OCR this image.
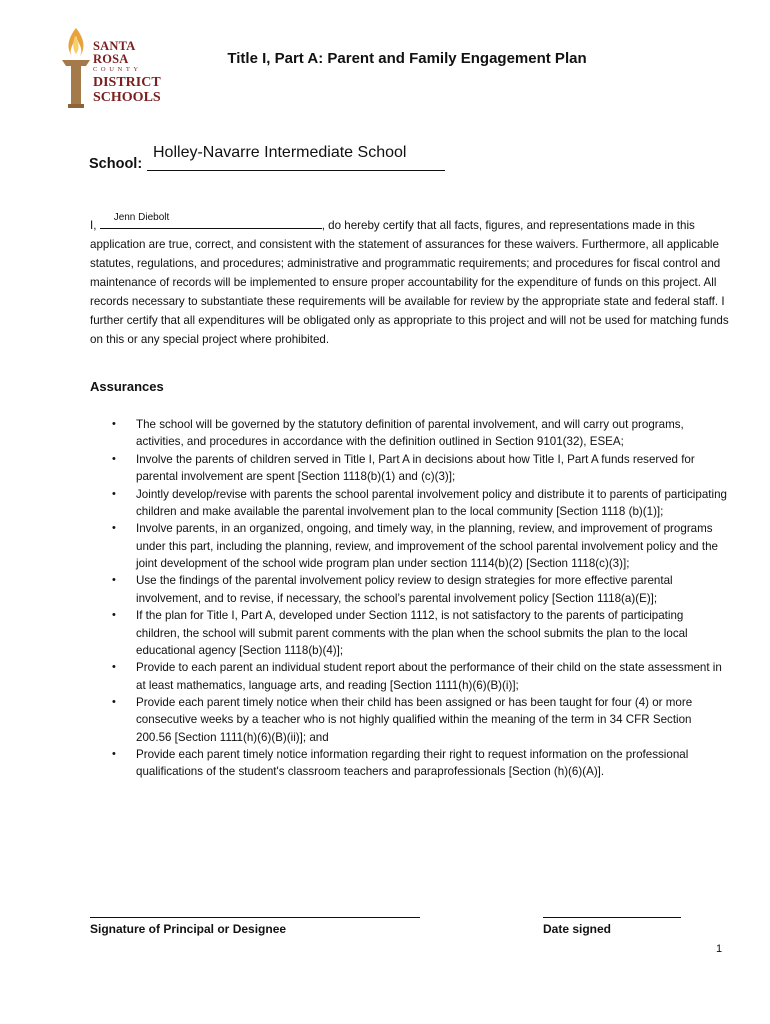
SANTA ROSA
COUNTY
DISTRICT
SCHOOLS
Title I, Part A: Parent and Family Engagement Plan
School:
Holley-Navarre Intermediate School
I,
Jenn Diebolt
, do hereby certify that all facts, figures, and representations made in this application are true, correct, and consistent with the statement of assurances for these waivers. Furthermore, all applicable statutes, regulations, and procedures; administrative and programmatic requirements; and procedures for fiscal control and maintenance of records will be implemented to ensure proper accountability for the expenditure of funds on this project. All records necessary to substantiate these requirements will be available for review by the appropriate state and federal staff. I further certify that all expenditures will be obligated only as appropriate to this project and will not be used for matching funds on this or any special project where prohibited.
Assurances
• The school will be governed by the statutory definition of parental involvement, and will carry out programs, activities, and procedures in accordance with the definition outlined in Section 9101(32), ESEA;
• Involve the parents of children served in Title I, Part A in decisions about how Title I, Part A funds reserved for parental involvement are spent [Section 1118(b)(1) and (c)(3)];
• Jointly develop/revise with parents the school parental involvement policy and distribute it to parents of participating children and make available the parental involvement plan to the local community [Section 1118 (b)(1)];
• Involve parents, in an organized, ongoing, and timely way, in the planning, review, and improvement of programs under this part, including the planning, review, and improvement of the school parental involvement policy and the joint development of the school wide program plan under section 1114(b)(2) [Section 1118(c)(3)];
• Use the findings of the parental involvement policy review to design strategies for more effective parental involvement, and to revise, if necessary, the school’s parental involvement policy [Section 1118(a)(E)];
• If the plan for Title I, Part A, developed under Section 1112, is not satisfactory to the parents of participating children, the school will submit parent comments with the plan when the school submits the plan to the local educational agency [Section 1118(b)(4)];
• Provide to each parent an individual student report about the performance of their child on the state assessment in at least mathematics, language arts, and reading [Section 1111(h)(6)(B)(i)];
• Provide each parent timely notice when their child has been assigned or has been taught for four (4) or more consecutive weeks by a teacher who is not highly qualified within the meaning of the term in 34 CFR Section 200.56 [Section 1111(h)(6)(B)(ii)]; and
• Provide each parent timely notice information regarding their right to request information on the professional qualifications of the student's classroom teachers and paraprofessionals [Section (h)(6)(A)].
Signature of Principal or Designee	Date signed
1
